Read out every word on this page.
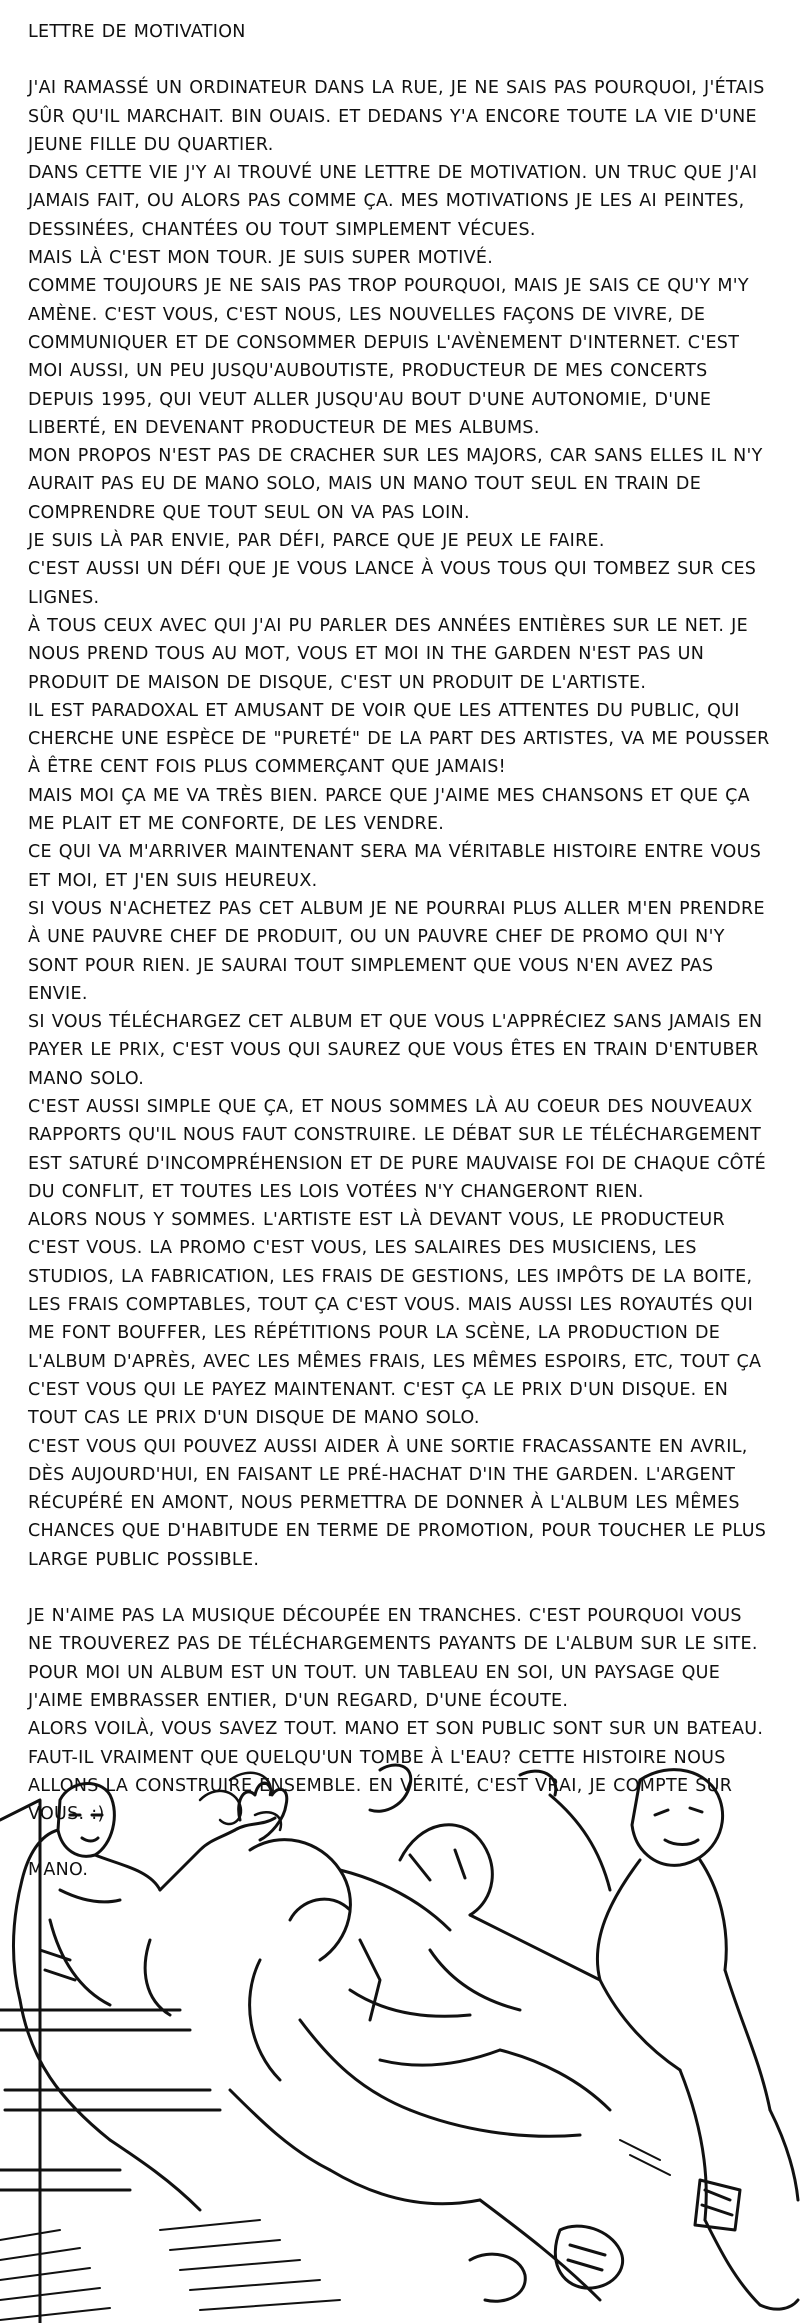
LETTRE DE MOTIVATION

J'AI RAMASSÉ UN ORDINATEUR DANS LA RUE, JE NE SAIS PAS POURQUOI, J'ÉTAIS SÛR QU'IL MARCHAIT. BIN OUAIS. ET DEDANS Y'A ENCORE TOUTE LA VIE D'UNE JEUNE FILLE DU QUARTIER.

DANS CETTE VIE J'Y AI TROUVÉ UNE LETTRE DE MOTIVATION. UN TRUC QUE J'AI JAMAIS FAIT, OU ALORS PAS COMME ÇA. MES MOTIVATIONS JE LES AI PEINTES, DESSINÉES, CHANTÉES OU TOUT SIMPLEMENT VÉCUES.

MAIS LÀ C'EST MON TOUR. JE SUIS SUPER MOTIVÉ.

COMME TOUJOURS JE NE SAIS PAS TROP POURQUOI, MAIS JE SAIS CE QU'Y M'Y AMÈNE. C'EST VOUS, C'EST NOUS, LES NOUVELLES FAÇONS DE VIVRE, DE COMMUNIQUER ET DE CONSOMMER DEPUIS L'AVÈNEMENT D'INTERNET. C'EST MOI AUSSI, UN PEU JUSQU'AUBOUTISTE, PRODUCTEUR DE MES CONCERTS DEPUIS 1995, QUI VEUT ALLER JUSQU'AU BOUT D'UNE AUTONOMIE, D'UNE LIBERTÉ, EN DEVENANT PRODUCTEUR DE MES ALBUMS.

MON PROPOS N'EST PAS DE CRACHER SUR LES MAJORS, CAR SANS ELLES IL N'Y AURAIT PAS EU DE MANO SOLO, MAIS UN MANO TOUT SEUL EN TRAIN DE COMPRENDRE QUE TOUT SEUL ON VA PAS LOIN.

JE SUIS LÀ PAR ENVIE, PAR DÉFI, PARCE QUE JE PEUX LE FAIRE.

C'EST AUSSI UN DÉFI QUE JE VOUS LANCE À VOUS TOUS QUI TOMBEZ SUR CES LIGNES.

À TOUS CEUX AVEC QUI J'AI PU PARLER DES ANNÉES ENTIÈRES SUR LE NET. JE NOUS PREND TOUS AU MOT, VOUS ET MOI IN THE GARDEN N'EST PAS UN PRODUIT DE MAISON DE DISQUE, C'EST UN PRODUIT DE L'ARTISTE.

IL EST PARADOXAL ET AMUSANT DE VOIR QUE LES ATTENTES DU PUBLIC, QUI CHERCHE UNE ESPÈCE DE "PURETÉ" DE LA PART DES ARTISTES, VA ME POUSSER À ÊTRE CENT FOIS PLUS COMMERÇANT QUE JAMAIS!

MAIS MOI ÇA ME VA TRÈS BIEN. PARCE QUE J'AIME MES CHANSONS ET QUE ÇA ME PLAIT ET ME CONFORTE, DE LES VENDRE.

CE QUI VA M'ARRIVER MAINTENANT SERA MA VÉRITABLE HISTOIRE ENTRE VOUS ET MOI, ET J'EN SUIS HEUREUX.

SI VOUS N'ACHETEZ PAS CET ALBUM JE NE POURRAI PLUS ALLER M'EN PRENDRE À UNE PAUVRE CHEF DE PRODUIT, OU UN PAUVRE CHEF DE PROMO QUI N'Y SONT POUR RIEN. JE SAURAI TOUT SIMPLEMENT QUE VOUS N'EN AVEZ PAS ENVIE.

SI VOUS TÉLÉCHARGEZ CET ALBUM ET QUE VOUS L'APPRÉCIEZ SANS JAMAIS EN PAYER LE PRIX, C'EST VOUS QUI SAUREZ QUE VOUS ÊTES EN TRAIN D'ENTUBER MANO SOLO.

C'EST AUSSI SIMPLE QUE ÇA, ET NOUS SOMMES LÀ AU COEUR DES NOUVEAUX RAPPORTS QU'IL NOUS FAUT CONSTRUIRE. LE DÉBAT SUR LE TÉLÉCHARGEMENT EST SATURÉ D'INCOMPRÉHENSION ET DE PURE MAUVAISE FOI DE CHAQUE CÔTÉ DU CONFLIT, ET TOUTES LES LOIS VOTÉES N'Y CHANGERONT RIEN.

ALORS NOUS Y SOMMES. L'ARTISTE EST LÀ DEVANT VOUS, LE PRODUCTEUR C'EST VOUS. LA PROMO C'EST VOUS, LES SALAIRES DES MUSICIENS, LES STUDIOS, LA FABRICATION, LES FRAIS DE GESTIONS, LES IMPÔTS DE LA BOITE, LES FRAIS COMPTABLES, TOUT ÇA C'EST VOUS. MAIS AUSSI LES ROYAUTÉS QUI ME FONT BOUFFER, LES RÉPÉTITIONS POUR LA SCÈNE, LA PRODUCTION DE L'ALBUM D'APRÈS, AVEC LES MÊMES FRAIS, LES MÊMES ESPOIRS, ETC, TOUT ÇA C'EST VOUS QUI LE PAYEZ MAINTENANT. C'EST ÇA LE PRIX D'UN DISQUE. EN TOUT CAS LE PRIX D'UN DISQUE DE MANO SOLO.

C'EST VOUS QUI POUVEZ AUSSI AIDER À UNE SORTIE FRACASSANTE EN AVRIL, DÈS AUJOURD'HUI, EN FAISANT LE PRÉ-HACHAT D'IN THE GARDEN. L'ARGENT RÉCUPÉRÉ EN AMONT, NOUS PERMETTRA DE DONNER À L'ALBUM LES MÊMES CHANCES QUE D'HABITUDE EN TERME DE PROMOTION, POUR TOUCHER LE PLUS LARGE PUBLIC POSSIBLE.

JE N'AIME PAS LA MUSIQUE DÉCOUPÉE EN TRANCHES. C'EST POURQUOI VOUS NE TROUVEREZ PAS DE TÉLÉCHARGEMENTS PAYANTS DE L'ALBUM SUR LE SITE. POUR MOI UN ALBUM EST UN TOUT. UN TABLEAU EN SOI, UN PAYSAGE QUE J'AIME EMBRASSER ENTIER, D'UN REGARD, D'UNE ÉCOUTE.

ALORS VOILÀ, VOUS SAVEZ TOUT. MANO ET SON PUBLIC SONT SUR UN BATEAU. FAUT-IL VRAIMENT QUE QUELQU'UN TOMBE À L'EAU? CETTE HISTOIRE NOUS ALLONS LA CONSTRUIRE ENSEMBLE. EN VÉRITÉ, C'EST VRAI, JE COMPTE SUR VOUS. :)

MANO.
